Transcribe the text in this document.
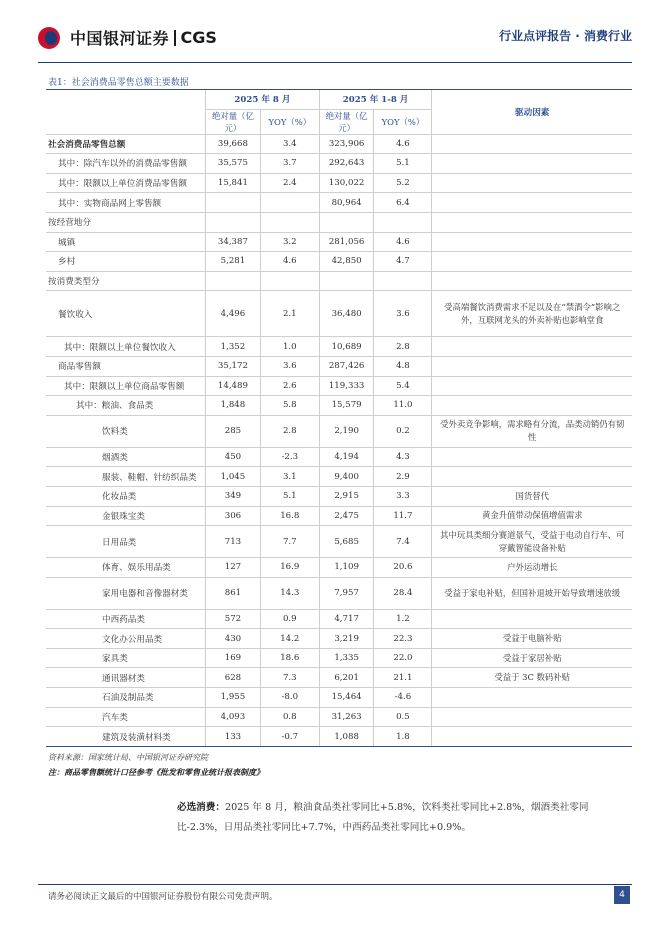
中国银河证券 CGS	行业点评报告 · 消费行业
表1：社会消费品零售总额主要数据
	2025 年 8 月		2025 年 1-8 月		驱动因素
	绝对量（亿元）	YOY（%）	绝对量（亿元）	YOY（%）	
社会消费品零售总额	39,668	3.4	323,906	4.6	
其中：除汽车以外的消费品零售额	35,575	3.7	292,643	5.1	
其中：限额以上单位消费品零售额	15,841	2.4	130,022	5.2	
其中：实物商品网上零售额			80,964	6.4	
按经营地分					
城镇	34,387	3.2	281,056	4.6	
乡村	5,281	4.6	42,850	4.7	
按消费类型分					
餐饮收入	4,496	2.1	36,480	3.6	受高端餐饮消费需求不足以及在“禁酒令”影响之外，互联网龙头的外卖补贴也影响堂食
其中：限额以上单位餐饮收入	1,352	1.0	10,689	2.8	
商品零售额	35,172	3.6	287,426	4.8	
其中：限额以上单位商品零售额	14,489	2.6	119,333	5.4	
其中：粮油、食品类	1,848	5.8	15,579	11.0	
饮料类	285	2.8	2,190	0.2	受外卖竞争影响，需求略有分流，品类动销仍有韧性
烟酒类	450	-2.3	4,194	4.3	
服装、鞋帽、针纺织品类	1,045	3.1	9,400	2.9	
化妆品类	349	5.1	2,915	3.3	国货替代
金银珠宝类	306	16.8	2,475	11.7	黄金升值带动保值增值需求
日用品类	713	7.7	5,685	7.4	其中玩具类细分赛道景气，受益于电动自行车、可穿戴智能设备补贴
体育、娱乐用品类	127	16.9	1,109	20.6	户外运动增长
家用电器和音像器材类	861	14.3	7,957	28.4	受益于家电补贴，但国补退坡开始导致增速放缓
中西药品类	572	0.9	4,717	1.2	
文化办公用品类	430	14.2	3,219	22.3	受益于电脑补贴
家具类	169	18.6	1,335	22.0	受益于家居补贴
通讯器材类	628	7.3	6,201	21.1	受益于 3C 数码补贴
石油及制品类	1,955	-8.0	15,464	-4.6	
汽车类	4,093	0.8	31,263	0.5	
建筑及装潢材料类	133	-0.7	1,088	1.8	
资料来源：国家统计局、中国银河证券研究院
注：商品零售额统计口径参考《批发和零售业统计报表制度》
必选消费：2025 年 8 月，粮油食品类社零同比+5.8%，饮料类社零同比+2.8%，烟酒类社零同比-2.3%，日用品类社零同比+7.7%，中西药品类社零同比+0.9%。
请务必阅读正文最后的中国银河证券股份有限公司免责声明。	4
